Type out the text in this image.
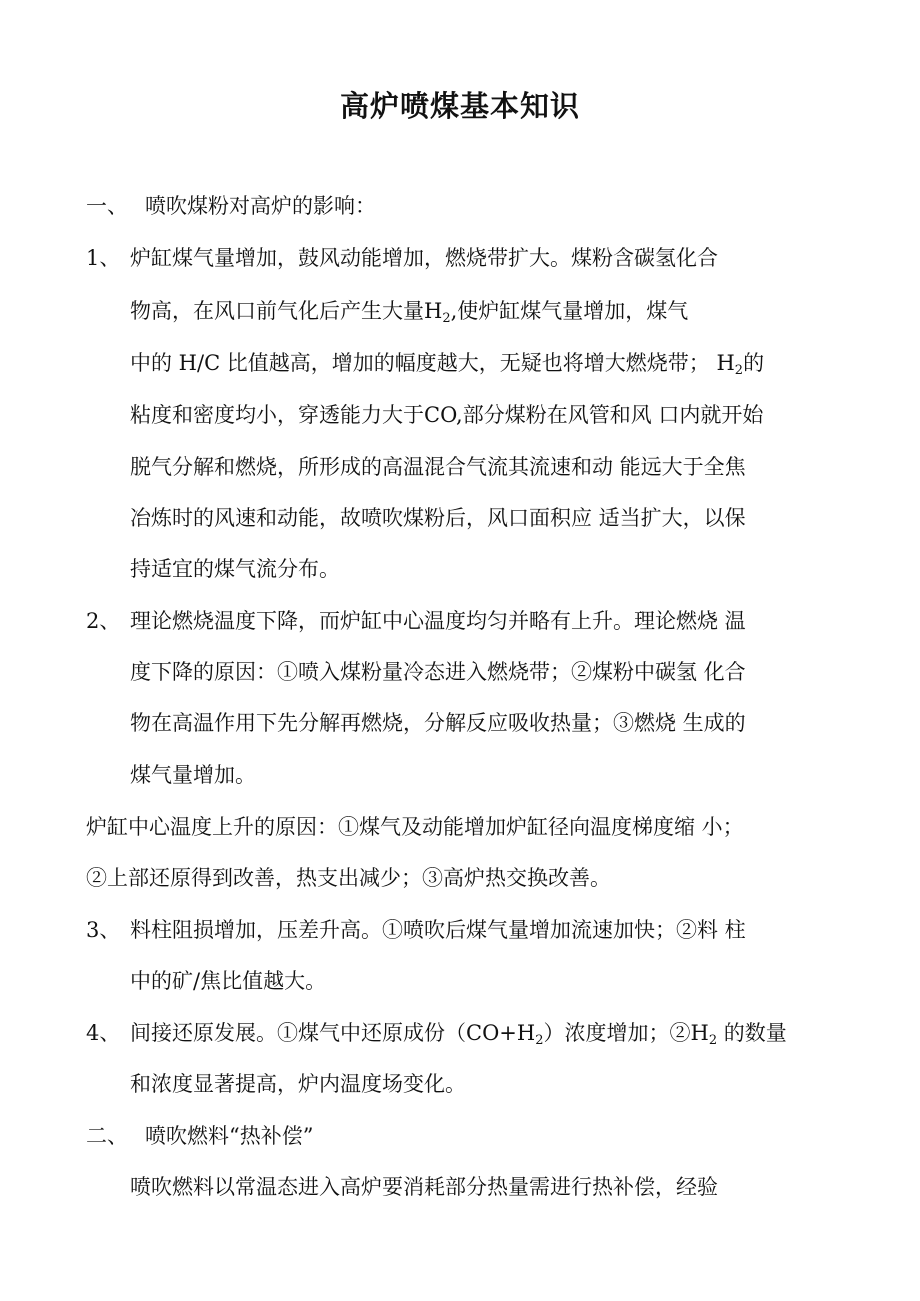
高炉喷煤基本知识
一、 喷吹煤粉对高炉的影响：
1、 炉缸煤气量增加，鼓风动能增加，燃烧带扩大。煤粉含碳氢化合
物高，在风口前气化后产生大量$H_2$,使炉缸煤气量增加，煤气
中的 H/C 比值越高，增加的幅度越大，无疑也将增大燃烧带； $H_2$的
粘度和密度均小，穿透能力大于CO,部分煤粉在风管和风 口内就开始
脱气分解和燃烧，所形成的高温混合气流其流速和动 能远大于全焦
冶炼时的风速和动能，故喷吹煤粉后，风口面积应 适当扩大，以保
持适宜的煤气流分布。
2、 理论燃烧温度下降，而炉缸中心温度均匀并略有上升。理论燃烧 温
度下降的原因：①喷入煤粉量冷态进入燃烧带；②煤粉中碳氢 化合
物在高温作用下先分解再燃烧，分解反应吸收热量；③燃烧 生成的
煤气量增加。
炉缸中心温度上升的原因：①煤气及动能增加炉缸径向温度梯度缩 小；
②上部还原得到改善，热支出减少；③高炉热交换改善。
3、 料柱阻损增加，压差升高。①喷吹后煤气量增加流速加快；②料 柱
中的矿/焦比值越大。
4、 间接还原发展。①煤气中还原成份$(CO+H_2)$浓度增加；$②H_2$ 的数量
和浓度显著提高，炉内温度场变化。
二、 喷吹燃料“热补偿”
喷吹燃料以常温态进入高炉要消耗部分热量需进行热补偿，经验
